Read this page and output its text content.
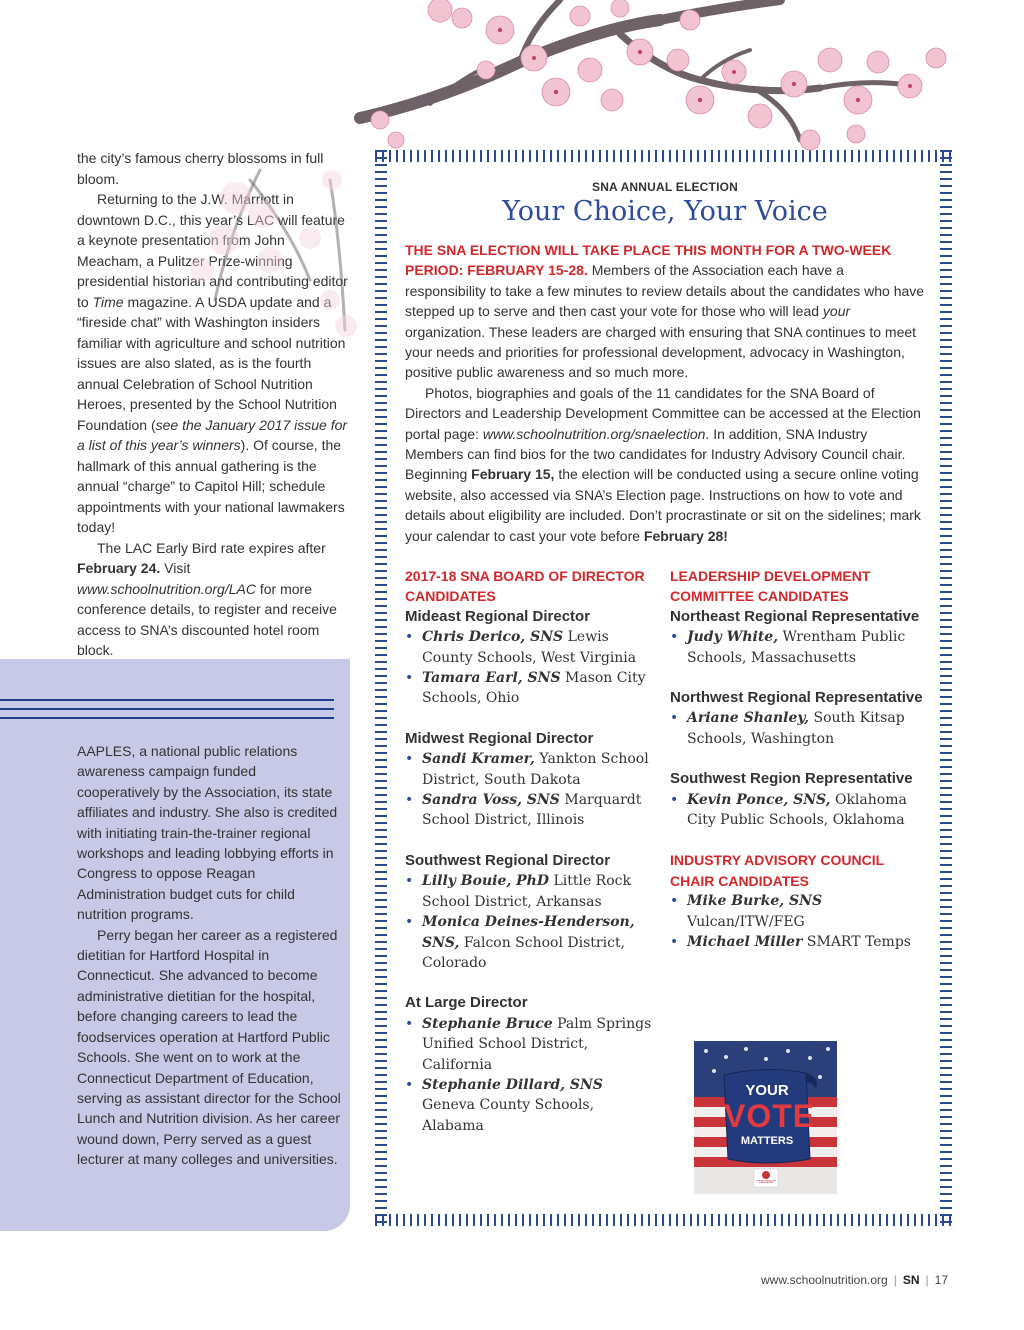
AAPLES, a national public relations awareness campaign funded cooperatively by the Association, its state affiliates and industry. She also is credited with initiating train-the-trainer regional workshops and leading lobbying efforts in Congress to oppose Reagan Administration budget cuts for child nutrition programs.

Perry began her career as a registered dietitian for Hartford Hospital in Connecticut. She advanced to become administrative dietitian for the hospital, before changing careers to lead the foodservices operation at Hartford Public Schools. She went on to work at the Connecticut Department of Education, serving as assistant director for the School Lunch and Nutrition division. As her career wound down, Perry served as a guest lecturer at many colleges and universities.

the city’s famous cherry blossoms in full bloom.

Returning to the J.W. Marriott in downtown D.C., this year’s LAC will feature a keynote presentation from John Meacham, a Pulitzer Prize-winning presidential historian and contributing editor to Time magazine. A USDA update and a “fireside chat” with Washington insiders familiar with agriculture and school nutrition issues are also slated, as is the fourth annual Celebration of School Nutrition Heroes, presented by the School Nutrition Foundation (see the January 2017 issue for a list of this year’s winners). Of course, the hallmark of this annual gathering is the annual “charge” to Capitol Hill; schedule appointments with your national lawmakers today!

The LAC Early Bird rate expires after February 24. Visit www.schoolnutrition.org/LAC for more conference details, to register and receive access to SNA’s discounted hotel room block.

SNA ANNUAL ELECTION
Your Choice, Your Voice

THE SNA ELECTION WILL TAKE PLACE THIS MONTH FOR A TWO-WEEK PERIOD: FEBRUARY 15-28. Members of the Association each have a responsibility to take a few minutes to review details about the candidates who have stepped up to serve and then cast your vote for those who will lead your organization. These leaders are charged with ensuring that SNA continues to meet your needs and priorities for professional development, advocacy in Washington, positive public awareness and so much more.

Photos, biographies and goals of the 11 candidates for the SNA Board of Directors and Leadership Development Committee can be accessed at the Election portal page: www.schoolnutrition.org/snaelection. In addition, SNA Industry Members can find bios for the two candidates for Industry Advisory Council chair. Beginning February 15, the election will be conducted using a secure online voting website, also accessed via SNA’s Election page. Instructions on how to vote and details about eligibility are included. Don’t procrastinate or sit on the sidelines; mark your calendar to cast your vote before February 28!

2017-18 SNA BOARD OF DIRECTOR CANDIDATES
Mideast Regional Director
• Chris Derico, SNS Lewis County Schools, West Virginia
• Tamara Earl, SNS Mason City Schools, Ohio
Midwest Regional Director
• Sandi Kramer, Yankton School District, South Dakota
• Sandra Voss, SNS Marquardt School District, Illinois
Southwest Regional Director
• Lilly Bouie, PhD Little Rock School District, Arkansas
• Monica Deines-Henderson, SNS, Falcon School District, Colorado
At Large Director
• Stephanie Bruce Palm Springs Unified School District, California
• Stephanie Dillard, SNS Geneva County Schools, Alabama
LEADERSHIP DEVELOPMENT COMMITTEE CANDIDATES
Northeast Regional Representative
• Judy White, Wrentham Public Schools, Massachusetts
Northwest Regional Representative
• Ariane Shanley, South Kitsap Schools, Washington
Southwest Region Representative
• Kevin Ponce, SNS, Oklahoma City Public Schools, Oklahoma
INDUSTRY ADVISORY COUNCIL CHAIR CANDIDATES
• Mike Burke, SNS Vulcan/ITW/FEG
• Michael Miller SMART Temps
YOUR
VOTE
MATTERS
SCHOOL NUTRITION ASSOCIATION
www.schoolnutrition.org | SN | 17
